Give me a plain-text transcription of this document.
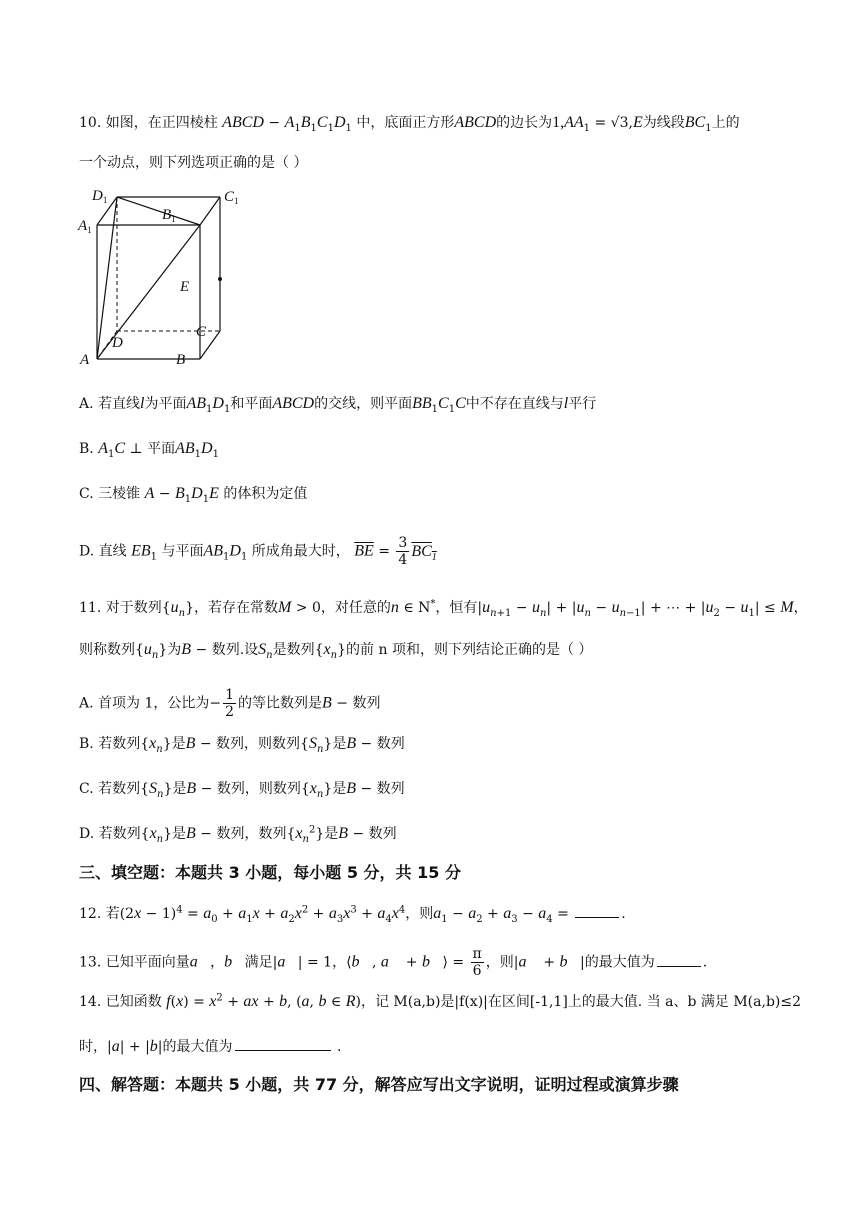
10. 如图，在正四棱柱 ABCD − $A_1B_1C_1D_1$ 中，底面正方形ABCD的边长为$1,AA_1 = √3,E$为线段$BC_1$上的
一个动点，则下列选项正确的是（ ）
$D_1$	$C_1$
$A_1$
$B_1$
E
C
D
A	B
A. 若直线l为平面$AB_1D_1$和平面ABCD的交线，则平面$BB_1C_1C$中不存在直线与l平行
B. $A_1C$ ⊥ 平面$AB_1D_1$
C. 三棱锥 $A - B_1D_1E$ 的体积为定值
D. 直线 $EB_1$ 与平面$AB_1D_1$ 所成角最大时， $\overline{BE} = \frac{3}{4} BC_1$
11. 对于数列$\{u_n\}$，若存在常数M > 0，对任意的n ∈ N*，恒有$|u_{n+1} - u_n| + |u_n - u_{n-1}|$ + ⋯ + $|u_2 - u_1| \le M$，
则称数列$\{u_n\}$为B − 数列.设$S_n$是数列$\{x_n\}$的前 n 项和，则下列结论正确的是（ ）
A. 首项为 1，公比为− $\frac{1}{2}$ 的等比数列是B − 数列
B. 若数列$\{x_n\}$是B − 数列，则数列$\{S_n\}$是B − 数列
C. 若数列$\{S_n\}$是B − 数列，则数列$\{x_n\}$是B − 数列
D. 若数列$\{x_n\}$是B − 数列，数列$\{x_n^2\}$是B − 数列
三、填空题：本题共 3 小题，每小题 5 分，共 15 分
12. 若$(2x - 1)^4 = a_0 + a_1x + a_2x^2 + a_3x^3 + a_4x^4$，则$a_1 - a_2 + a_3 - a_4$ =	.
13. 已知平面向量a⃗，b⃗满足|a⃗| = 1，⟨b⃗, a⃗ + b⃗⟩ = $\frac{\pi}{6}$ ，则|a⃗ + b⃗|的最大值为	.
14. 已知函数 $f(x) = x^2$ + ax + b, (a, b ∈ R)，记 M(a,b)是|f(x)|在区间[-1,1]上的最大值. 当 a、b 满足 M(a,b)≤2
时，|a| + |b|的最大值为	.
四、解答题：本题共 5 小题，共 77 分，解答应写出文字说明，证明过程或演算步骤
